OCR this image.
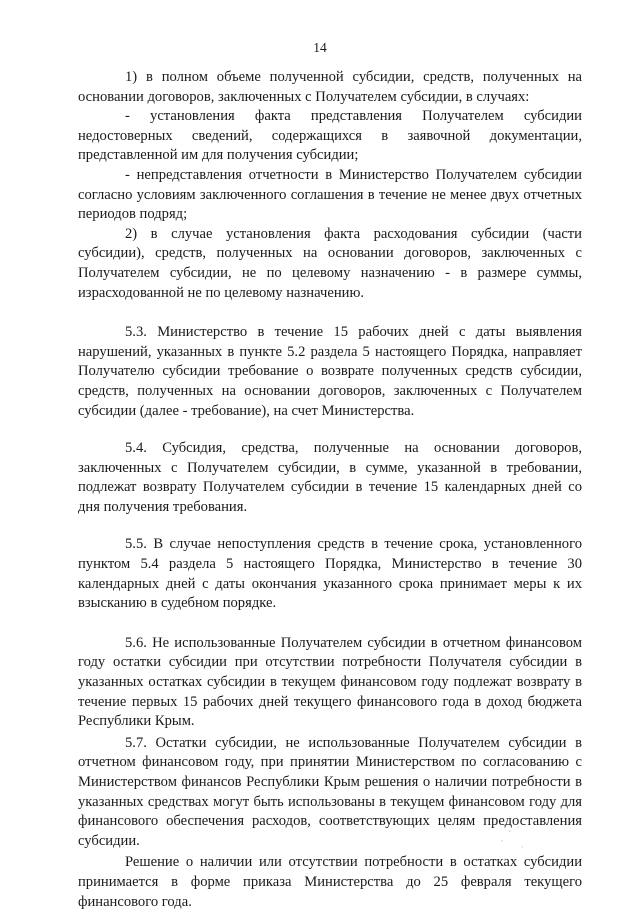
14

1) в полном объеме полученной субсидии, средств, полученных на основании договоров, заключенных с Получателем субсидии, в случаях:

- установления факта представления Получателем субсидии недостоверных сведений, содержащихся в заявочной документации, представленной им для получения субсидии;

- непредставления отчетности в Министерство Получателем субсидии согласно условиям заключенного соглашения в течение не менее двух отчетных периодов подряд;

2) в случае установления факта расходования субсидии (части субсидии), средств, полученных на основании договоров, заключенных с Получателем субсидии, не по целевому назначению - в размере суммы, израсходованной не по целевому назначению.

5.3. Министерство в течение 15 рабочих дней с даты выявления нарушений, указанных в пункте 5.2 раздела 5 настоящего Порядка, направляет Получателю субсидии требование о возврате полученных средств субсидии, средств, полученных на основании договоров, заключенных с Получателем субсидии (далее - требование), на счет Министерства.

5.4. Субсидия, средства, полученные на основании договоров, заключенных с Получателем субсидии, в сумме, указанной в требовании, подлежат возврату Получателем субсидии в течение 15 календарных дней со дня получения требования.

5.5. В случае непоступления средств в течение срока, установленного пунктом 5.4 раздела 5 настоящего Порядка, Министерство в течение 30 календарных дней с даты окончания указанного срока принимает меры к их взысканию в судебном порядке.

5.6. Не использованные Получателем субсидии в отчетном финансовом году остатки субсидии при отсутствии потребности Получателя субсидии в указанных остатках субсидии в текущем финансовом году подлежат возврату в течение первых 15 рабочих дней текущего финансового года в доход бюджета Республики Крым.

5.7. Остатки субсидии, не использованные Получателем субсидии в отчетном финансовом году, при принятии Министерством по согласованию с Министерством финансов Республики Крым решения о наличии потребности в указанных средствах могут быть использованы в текущем финансовом году для финансового обеспечения расходов, соответствующих целям предоставления субсидии.

Решение о наличии или отсутствии потребности в остатках субсидии принимается в форме приказа Министерства до 25 февраля текущего финансового года.
